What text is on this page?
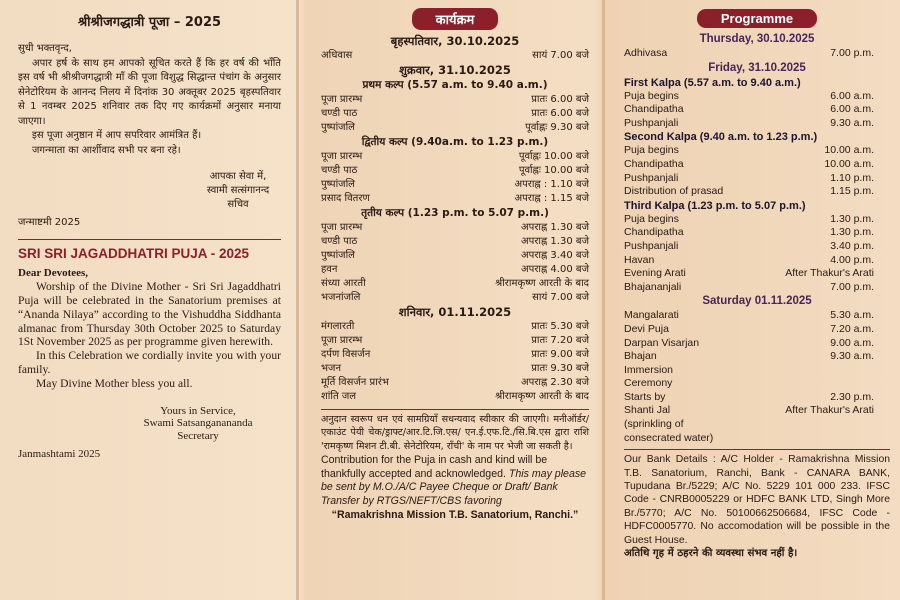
श्रीश्रीजगद्धात्री पूजा – 2025

सुधी भक्तवृन्द,

अपार हर्ष के साथ हम आपको सूचित करते हैं कि हर वर्ष की भाँति इस वर्ष भी श्रीश्रीजगद्धात्री माँ की पूजा विशुद्ध सिद्धान्त पंचांग के अनुसार सेनेटोरियम के आनन्द निलय में दिनांक 30 अक्तूबर 2025 बृहस्पतिवार से 1 नवम्बर 2025 शनिवार तक दिए गए कार्यक्रमों अनुसार मनाया जाएगा।

इस पूजा अनुष्ठान में आप सपरिवार आमंत्रित हैं।

जगन्माता का आर्शीवाद सभी पर बना रहे।

आपका सेवा में,
स्वामी सत्संगानन्द
सचिव

जन्माष्टमी 2025

SRI SRI JAGADDHATRI PUJA - 2025

Dear Devotees,

Worship of the Divine Mother - Sri Sri Jagaddhatri Puja will be celebrated in the Sanatorium premises at “Ananda Nilaya” according to the Vishuddha Siddhanta almanac from Thursday 30th October 2025 to Saturday 1St November 2025 as per programme given herewith.

In this Celebration we cordially invite you with your family.

May Divine Mother bless you all.

Yours in Service,
Swami Satsanganananda
Secretary

Janmashtami 2025

कार्यक्रम
बृहस्पतिवार, 30.10.2025
अधिवास	सायं 7.00 बजे
शुक्रवार, 31.10.2025
प्रथम कल्प (5.57 a.m. to 9.40 a.m.)
पूजा प्रारम्भ	प्रातः 6.00 बजे
चण्डी पाठ	प्रातः 6.00 बजे
पुष्पांजलि	पूर्वाह्नः 9.30 बजे
द्वितीय कल्प (9.40a.m. to 1.23 p.m.)
पूजा प्रारम्भ	पूर्वाह्नः 10.00 बजे
चण्डी पाठ	पूर्वाह्नः 10.00 बजे
पुष्पांजलि	अपराह्न : 1.10 बजे
प्रसाद वितरण	अपराह्न : 1.15 बजे
तृतीय कल्प (1.23 p.m. to 5.07 p.m.)
पूजा प्रारम्भ	अपराह्न 1.30 बजे
चण्डी पाठ	अपराह्न 1.30 बजे
पुष्पांजलि	अपराह्न 3.40 बजे
हवन	अपराह्न 4.00 बजे
संध्या आरती	श्रीरामकृष्ण आरती के बाद
भजनांजलि	सायं 7.00 बजे
शनिवार, 01.11.2025
मंगलारती	प्रातः 5.30 बजे
पूजा प्रारम्भ	प्रातः 7.20 बजे
दर्पण विसर्जन	प्रातः 9.00 बजे
भजन	प्रातः 9.30 बजे
मूर्ति विसर्जन प्रारंभ	अपराह्न 2.30 बजे
शांति जल	श्रीरामकृष्ण आरती के बाद

अनुदान स्वरूप धन एवं सामग्रियाँ सधन्यवाद स्वीकार की जाएगी। मनीऑर्डर/ एकाउंट पेयी चेक/ड्राफ्ट/आर.टि.जि.एस/ एन.ई.एफ.टि./सि.बि.एस द्वारा राशि 'रामकृष्ण मिशन टी.बी. सेनेटोरियम, राँची' के नाम पर भेजी जा सकती है।

Contribution for the Puja in cash and kind will be thankfully accepted and acknowledged. This may please be sent by M.O./A/C Payee Cheque or Draft/ Bank Transfer by RTGS/NEFT/CBS favoring

“Ramakrishna Mission T.B. Sanatorium, Ranchi.”

Programme
Thursday, 30.10.2025
Adhivasa	7.00 p.m.
Friday, 31.10.2025
First Kalpa (5.57 a.m. to 9.40 a.m.)
Puja begins	6.00 a.m.
Chandipatha	6.00 a.m.
Pushpanjali	9.30 a.m.
Second Kalpa (9.40 a.m. to 1.23 p.m.)
Puja begins	10.00 a.m.
Chandipatha	10.00 a.m.
Pushpanjali	1.10 p.m.
Distribution of prasad	1.15 p.m.
Third Kalpa (1.23 p.m. to 5.07 p.m.)
Puja begins	1.30 p.m.
Chandipatha	1.30 p.m.
Pushpanjali	3.40 p.m.
Havan	4.00 p.m.
Evening Arati	After Thakur's Arati
Bhajananjali	7.00 p.m.
Saturday 01.11.2025
Mangalarati	5.30 a.m.
Devi Puja	7.20 a.m.
Darpan Visarjan	9.00 a.m.
Bhajan	9.30 a.m.
Immersion Ceremony
Starts by	2.30 p.m.
Shanti Jal	After Thakur's Arati
(sprinkling of consecrated water)

Our Bank Details : A/C Holder - Ramakrishna Mission T.B. Sanatorium, Ranchi, Bank - CANARA BANK, Tupudana Br./5229; A/C No. 5229 101 000 233. IFSC Code - CNRB0005229 or HDFC BANK LTD, Singh More Br./5770; A/C No. 50100662506684, IFSC Code - HDFC0005770. No accomodation will be possible in the Guest House.

अतिथि गृह में ठहरने की व्यवस्था संभव नहीं है।
